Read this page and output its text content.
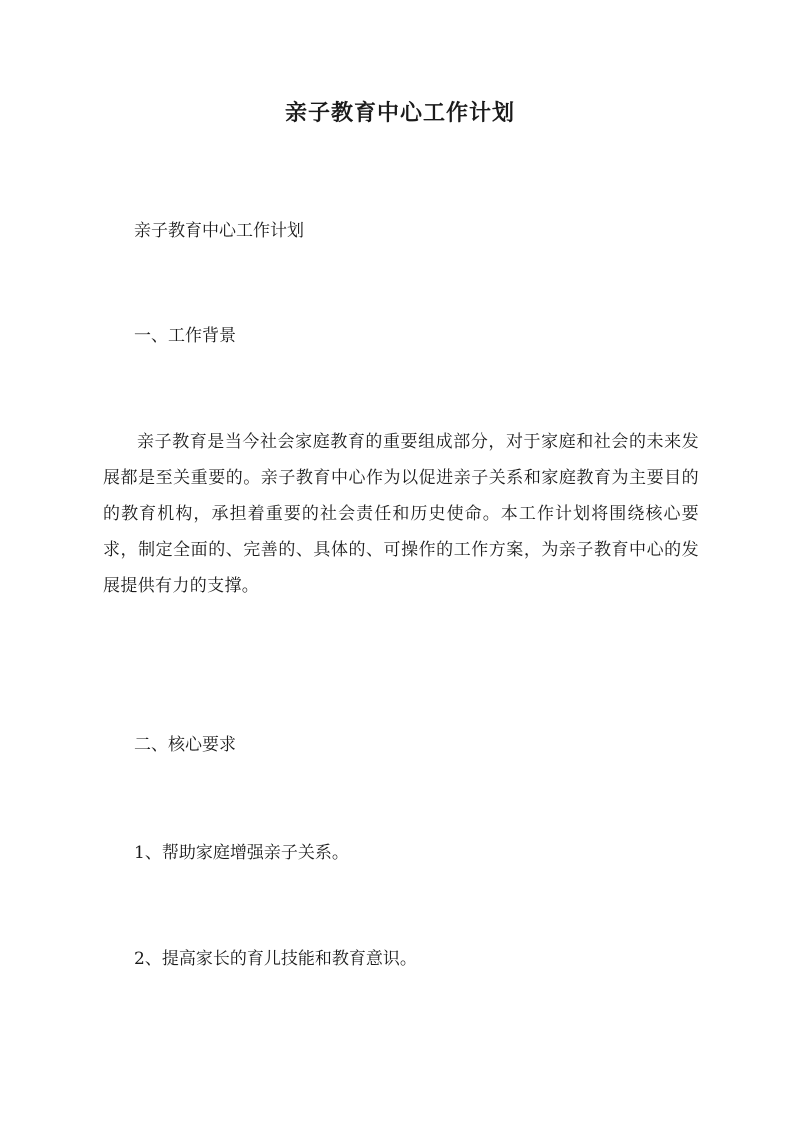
亲子教育中心工作计划

亲子教育中心工作计划

一、工作背景

亲子教育是当今社会家庭教育的重要组成部分，对于家庭和社会的未来发展都是至关重要的。亲子教育中心作为以促进亲子关系和家庭教育为主要目的的教育机构，承担着重要的社会责任和历史使命。本工作计划将围绕核心要求，制定全面的、完善的、具体的、可操作的工作方案，为亲子教育中心的发展提供有力的支撑。

二、核心要求

1、帮助家庭增强亲子关系。

2、提高家长的育儿技能和教育意识。
